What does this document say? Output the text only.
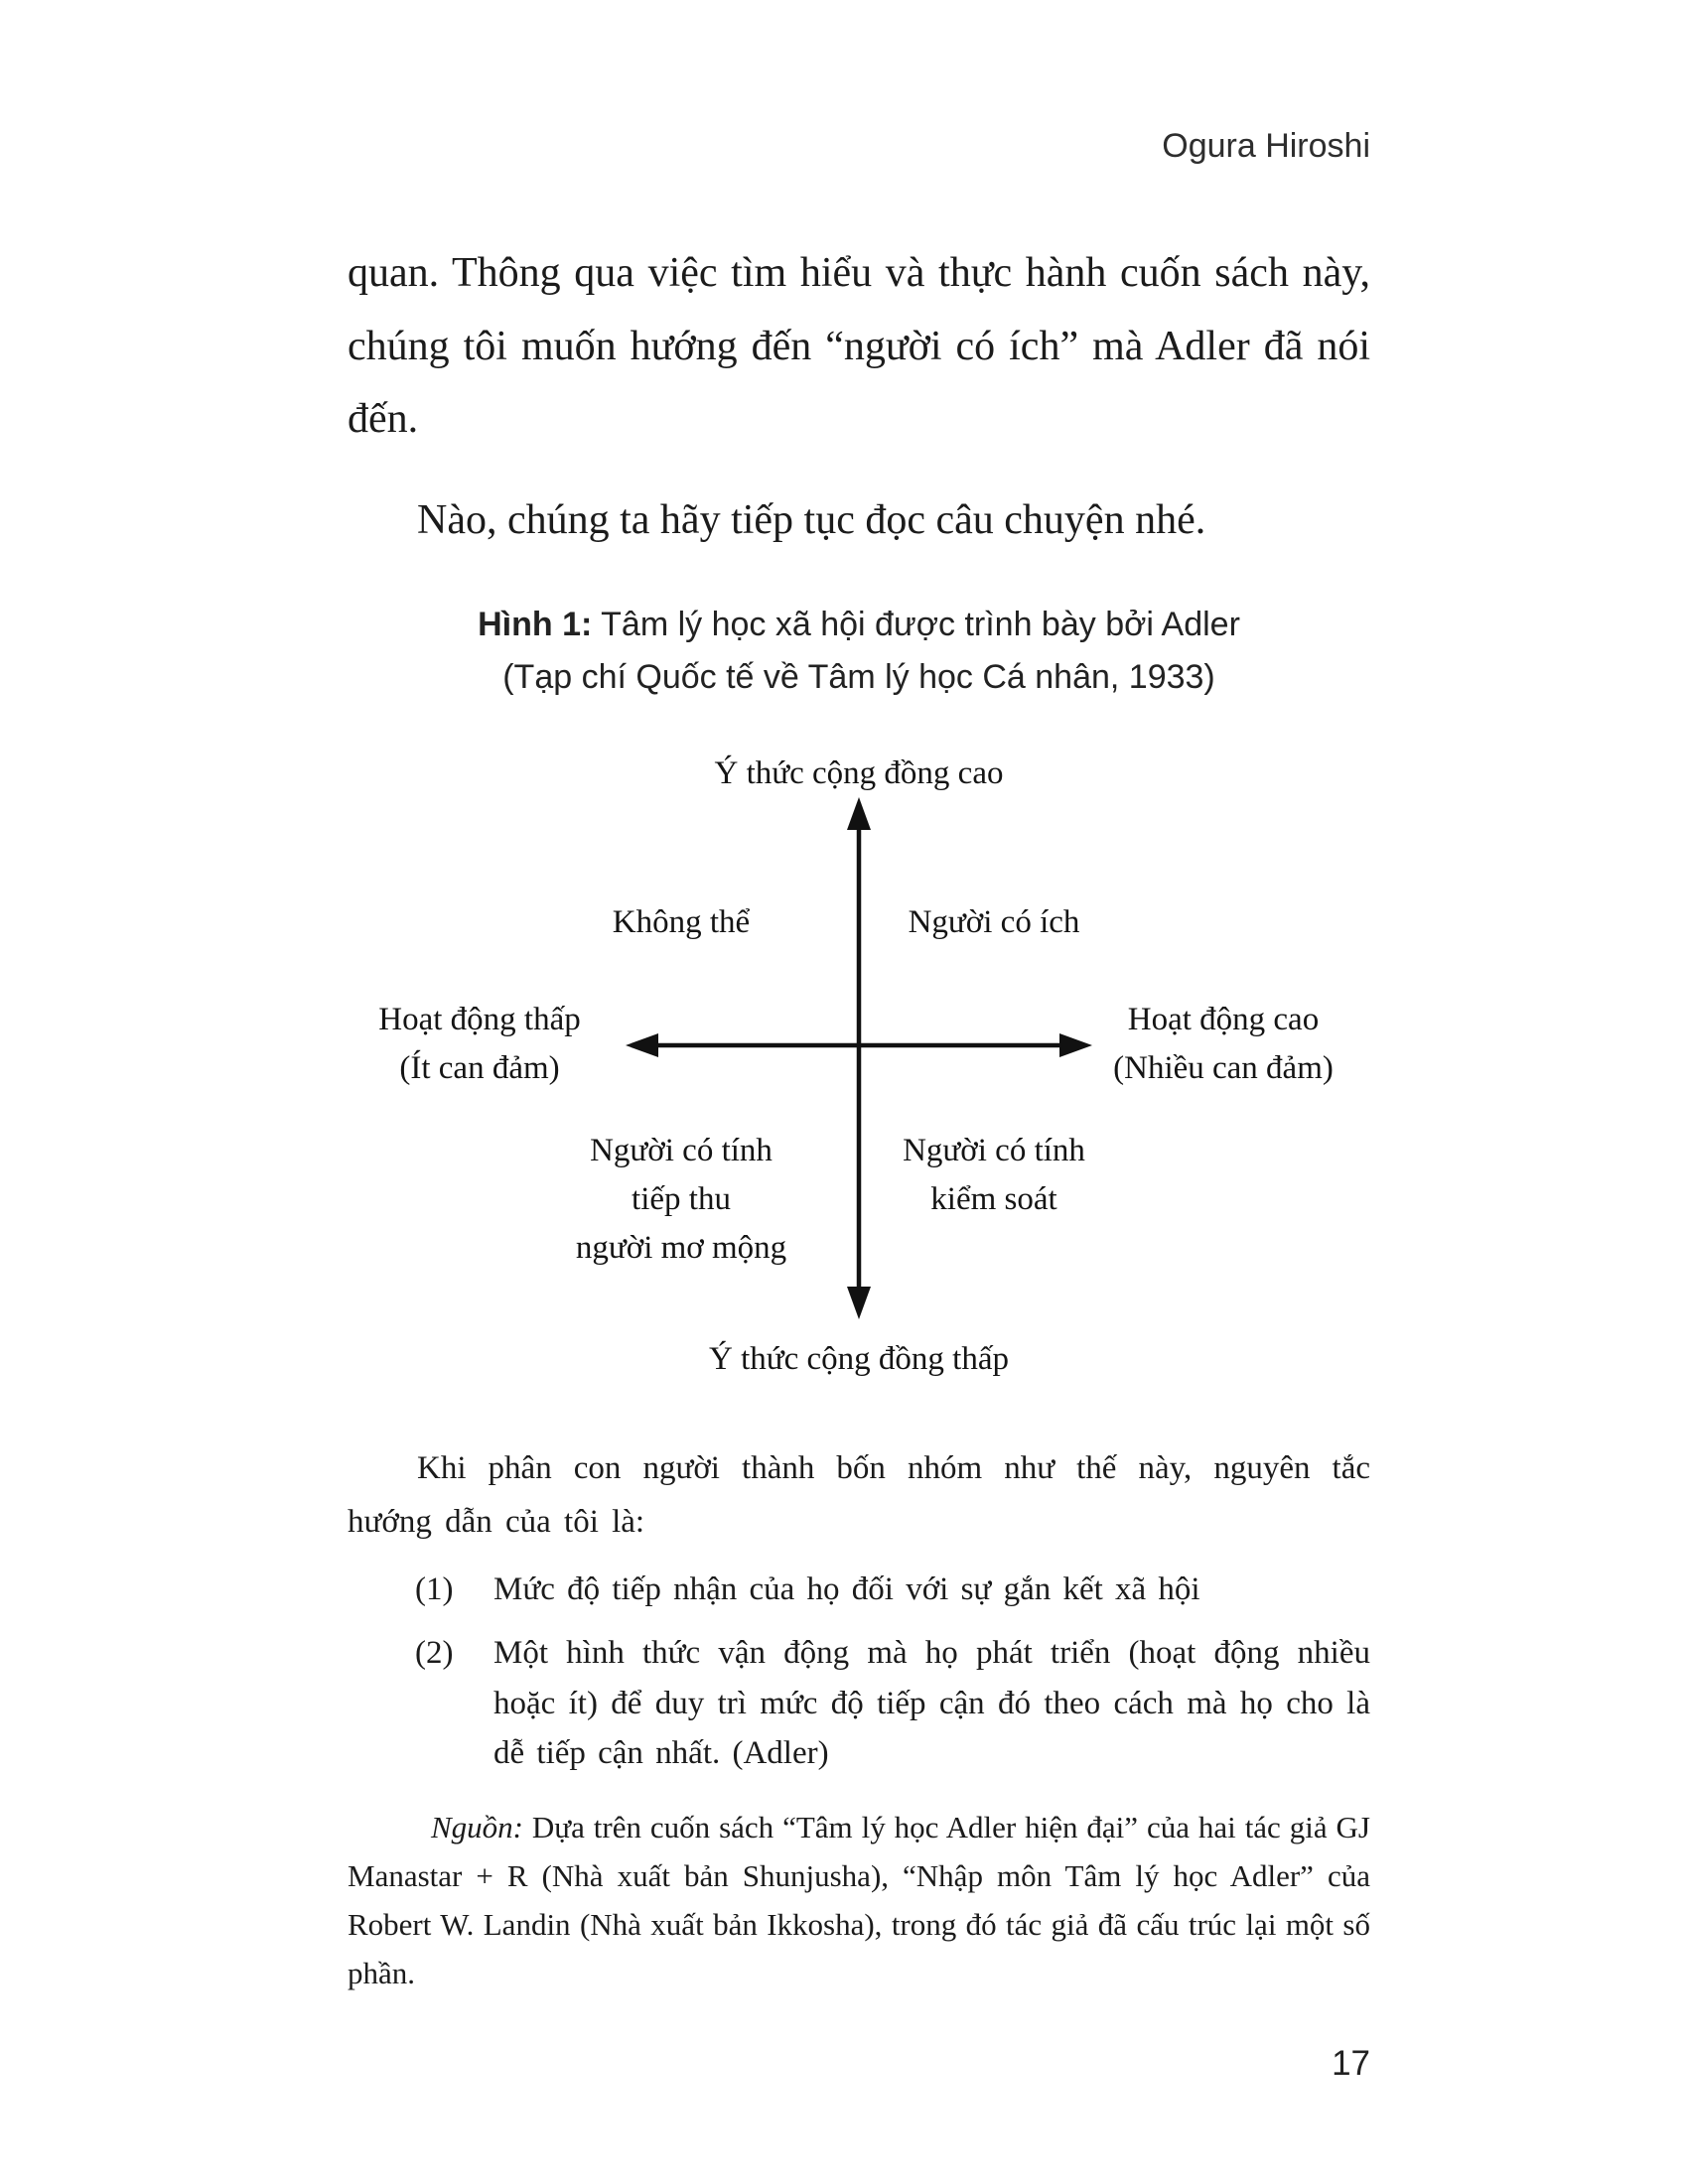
Ogura Hiroshi

quan. Thông qua việc tìm hiểu và thực hành cuốn sách này, chúng tôi muốn hướng đến “người có ích” mà Adler đã nói đến.

Nào, chúng ta hãy tiếp tục đọc câu chuyện nhé.

Hình 1: Tâm lý học xã hội được trình bày bởi Adler
(Tạp chí Quốc tế về Tâm lý học Cá nhân, 1933)
Ý thức cộng đồng cao
Không thể	Người có ích
Hoạt động thấp
(Ít can đảm)
Hoạt động cao
(Nhiều can đảm)
Người có tính
tiếp thu
người mơ mộng
Người có tính
kiểm soát
Ý thức cộng đồng thấp

Khi phân con người thành bốn nhóm như thế này, nguyên tắc hướng dẫn của tôi là:

(1) Mức độ tiếp nhận của họ đối với sự gắn kết xã hội
(2) Một hình thức vận động mà họ phát triển (hoạt động nhiều hoặc ít) để duy trì mức độ tiếp cận đó theo cách mà họ cho là dễ tiếp cận nhất. (Adler)

Nguồn: Dựa trên cuốn sách “Tâm lý học Adler hiện đại” của hai tác giả GJ Manastar + R (Nhà xuất bản Shunjusha), “Nhập môn Tâm lý học Adler” của Robert W. Landin (Nhà xuất bản Ikkosha), trong đó tác giả đã cấu trúc lại một số phần.

17
